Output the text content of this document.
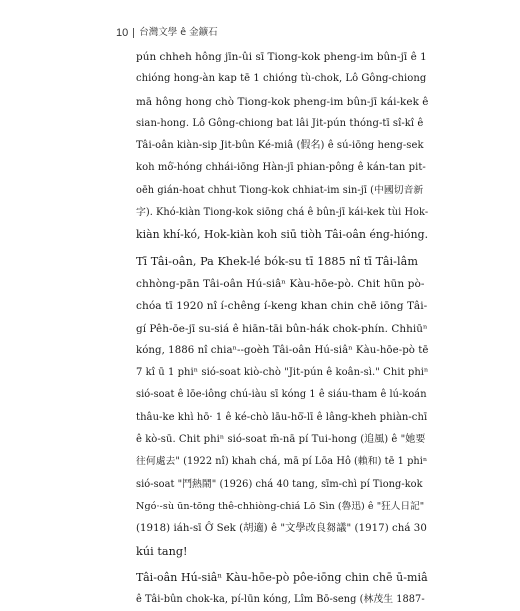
10 台灣文學 ê 金鑛石
pún chheh hông jīn-ûi sī Tiong-kok pheng-im bûn-jī ê 1
chióng hong-àn kap tē 1 chióng tù-chok, Lô Gông-chiong
mā hông hong chò Tiong-kok pheng-im bûn-jī kái-kek ê
sian-hong. Lô Gông-chiong bat lâi Jit-pún thóng-tī sî-kî ê
Tâi-oân kiàn-sip Jit-bûn Ké-miâ (假名) ê sú-iōng heng-sek
koh mô͘-hóng chhái-iōng Hàn-jī phian-pông ê kán-tan pit-
oēh gián-hoat chhut Tiong-kok chhiat-im sin-jī (中國切音新
字). Khó-kiàn Tiong-kok siōng chá ê bûn-jī kái-kek tùi Hok-
kiàn khí-kó, Hok-kiàn koh siū tiòh Tâi-oân éng-hióng.
Tī Tâi-oân, Pa Khek-lé bók-su tī 1885 nî tī Tâi-lâm
chhòng-pān Tâi-oân Hú-siâⁿ Kàu-hōe-pò. Chit hūn pò-
chóa tī 1920 nî í-chêng í-keng khan chin chē iōng Tâi-
gí Pêh-ōe-jī su-siá ê hiān-tāi bûn-hák chok-phín. Chhiūⁿ
kóng, 1886 nî chiaⁿ--goèh Tâi-oân Hú-siâⁿ Kàu-hōe-pò tē
7 kî ū 1 phiⁿ sió-soat kiò-chò "Jit-pún ê koân-sì." Chit phiⁿ
sió-soat ê lōe-iông chú-iàu sī kóng 1 ê siáu-tham ê lú-koán
thâu-ke khì hō· 1 ê ké-chò lāu-hō͘-lī ê lâng-kheh phiàn-chī
ê kò-sū. Chit phiⁿ sió-soat m̄-nā pí Tui-hong (追風) ê "她要
往何處去" (1922 nî) khah chá, mā pí Lōa Hô (賴和) tē 1 phiⁿ
sió-soat "鬥熱鬧" (1926) chá 40 tang, sīm-chì pí Tiong-kok
Ngó·-sù ūn-tōng thê-chhiòng-chiá Lō Sìn (魯迅) ê "狂人日記"
(1918) iáh-sī Ô͘ Sek (胡適) ê "文學改良芻議" (1917) chá 30
kúi tang!
Tâi-oân Hú-siâⁿ Kàu-hōe-pò pôe-iōng chin chē ū-miâ
ê Tâi-bûn chok-ka, pí-lūn kóng, Lîm Bō-seng (林茂生 1887-
